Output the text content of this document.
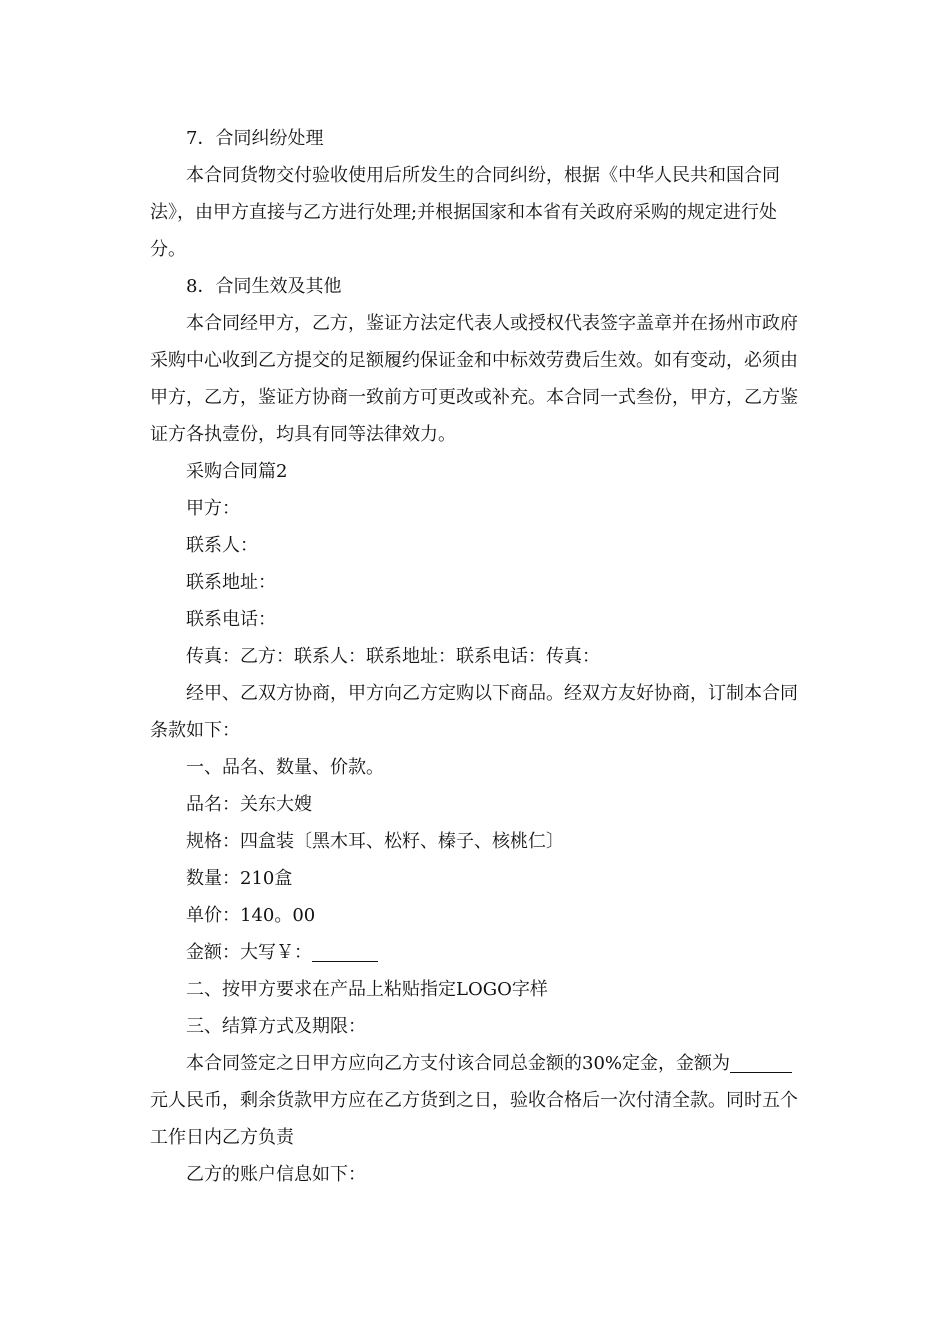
7．合同纠纷处理

本合同货物交付验收使用后所发生的合同纠纷，根据《中华人民共和国合同法》，由甲方直接与乙方进行处理;并根据国家和本省有关政府采购的规定进行处分。

8．合同生效及其他

本合同经甲方，乙方，鉴证方法定代表人或授权代表签字盖章并在扬州市政府采购中心收到乙方提交的足额履约保证金和中标效劳费后生效。如有变动，必须由甲方，乙方，鉴证方协商一致前方可更改或补充。本合同一式叁份，甲方，乙方鉴证方各执壹份，均具有同等法律效力。

采购合同篇2

甲方：

联系人：

联系地址：

联系电话：

传真：乙方：联系人：联系地址：联系电话：传真：

经甲、乙双方协商，甲方向乙方定购以下商品。经双方友好协商，订制本合同条款如下：

一、品名、数量、价款。

品名：关东大嫂

规格：四盒装〔黑木耳、松籽、榛子、核桃仁〕

数量：210盒

单价：140。00

金额：大写￥：

二、按甲方要求在产品上粘贴指定LOGO字样

三、结算方式及期限：

本合同签定之日甲方应向乙方支付该合同总金额的30%定金，金额为元人民币，剩余货款甲方应在乙方货到之日，验收合格后一次付清全款。同时五个工作日内乙方负责

乙方的账户信息如下：
